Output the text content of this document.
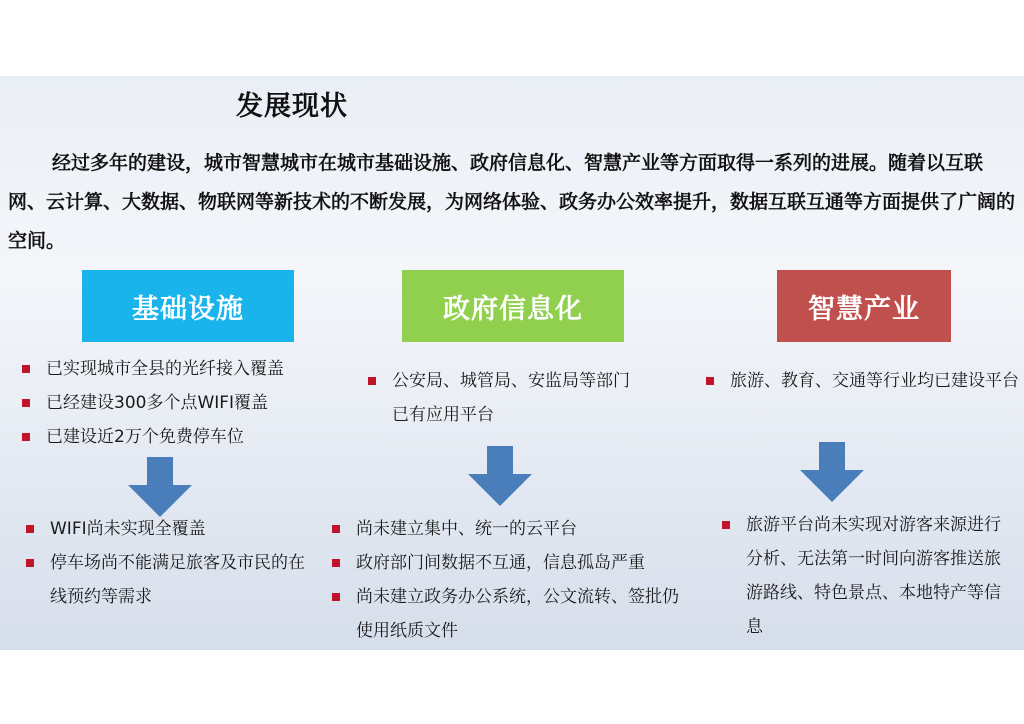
发展现状

经过多年的建设，城市智慧城市在城市基础设施、政府信息化、智慧产业等方面取得一系列的进展。随着以互联网、云计算、大数据、物联网等新技术的不断发展，为网络体验、政务办公效率提升，数据互联互通等方面提供了广阔的空间。

基础设施
已实现城市全县的光纤接入覆盖
已经建设300多个点WIFI覆盖
已建设近2万个免费停车位
WIFI尚未实现全覆盖
停车场尚不能满足旅客及市民的在线预约等需求
政府信息化
公安局、城管局、安监局等部门已有应用平台
尚未建立集中、统一的云平台
政府部门间数据不互通，信息孤岛严重
尚未建立政务办公系统，公文流转、签批仍使用纸质文件
智慧产业
旅游、教育、交通等行业均已建设平台
旅游平台尚未实现对游客来源进行分析、无法第一时间向游客推送旅游路线、特色景点、本地特产等信息
